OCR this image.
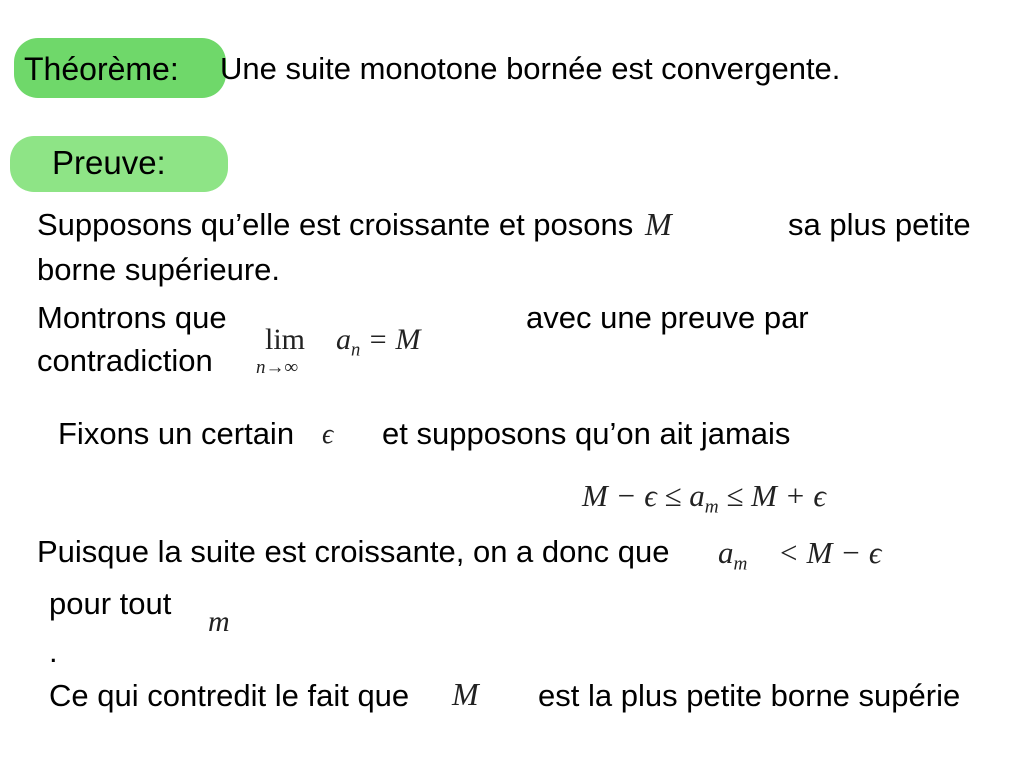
Théorème: Une suite monotone bornée est convergente.
Preuve:
Supposons qu’elle est croissante et posons M	sa plus petite
borne supérieure.
Montrons que
lim
n→∞
$a_n = M$
avec une preuve par
contradiction
Fixons un certain ϵ et supposons qu’on ait jamais
$M - \epsilon \le a_m \le M + \epsilon$
Puisque la suite est croissante, on a donc que $a_m < M - \epsilon$
pour tout
m
.
Ce qui contredit le fait que M est la plus petite borne supérie
